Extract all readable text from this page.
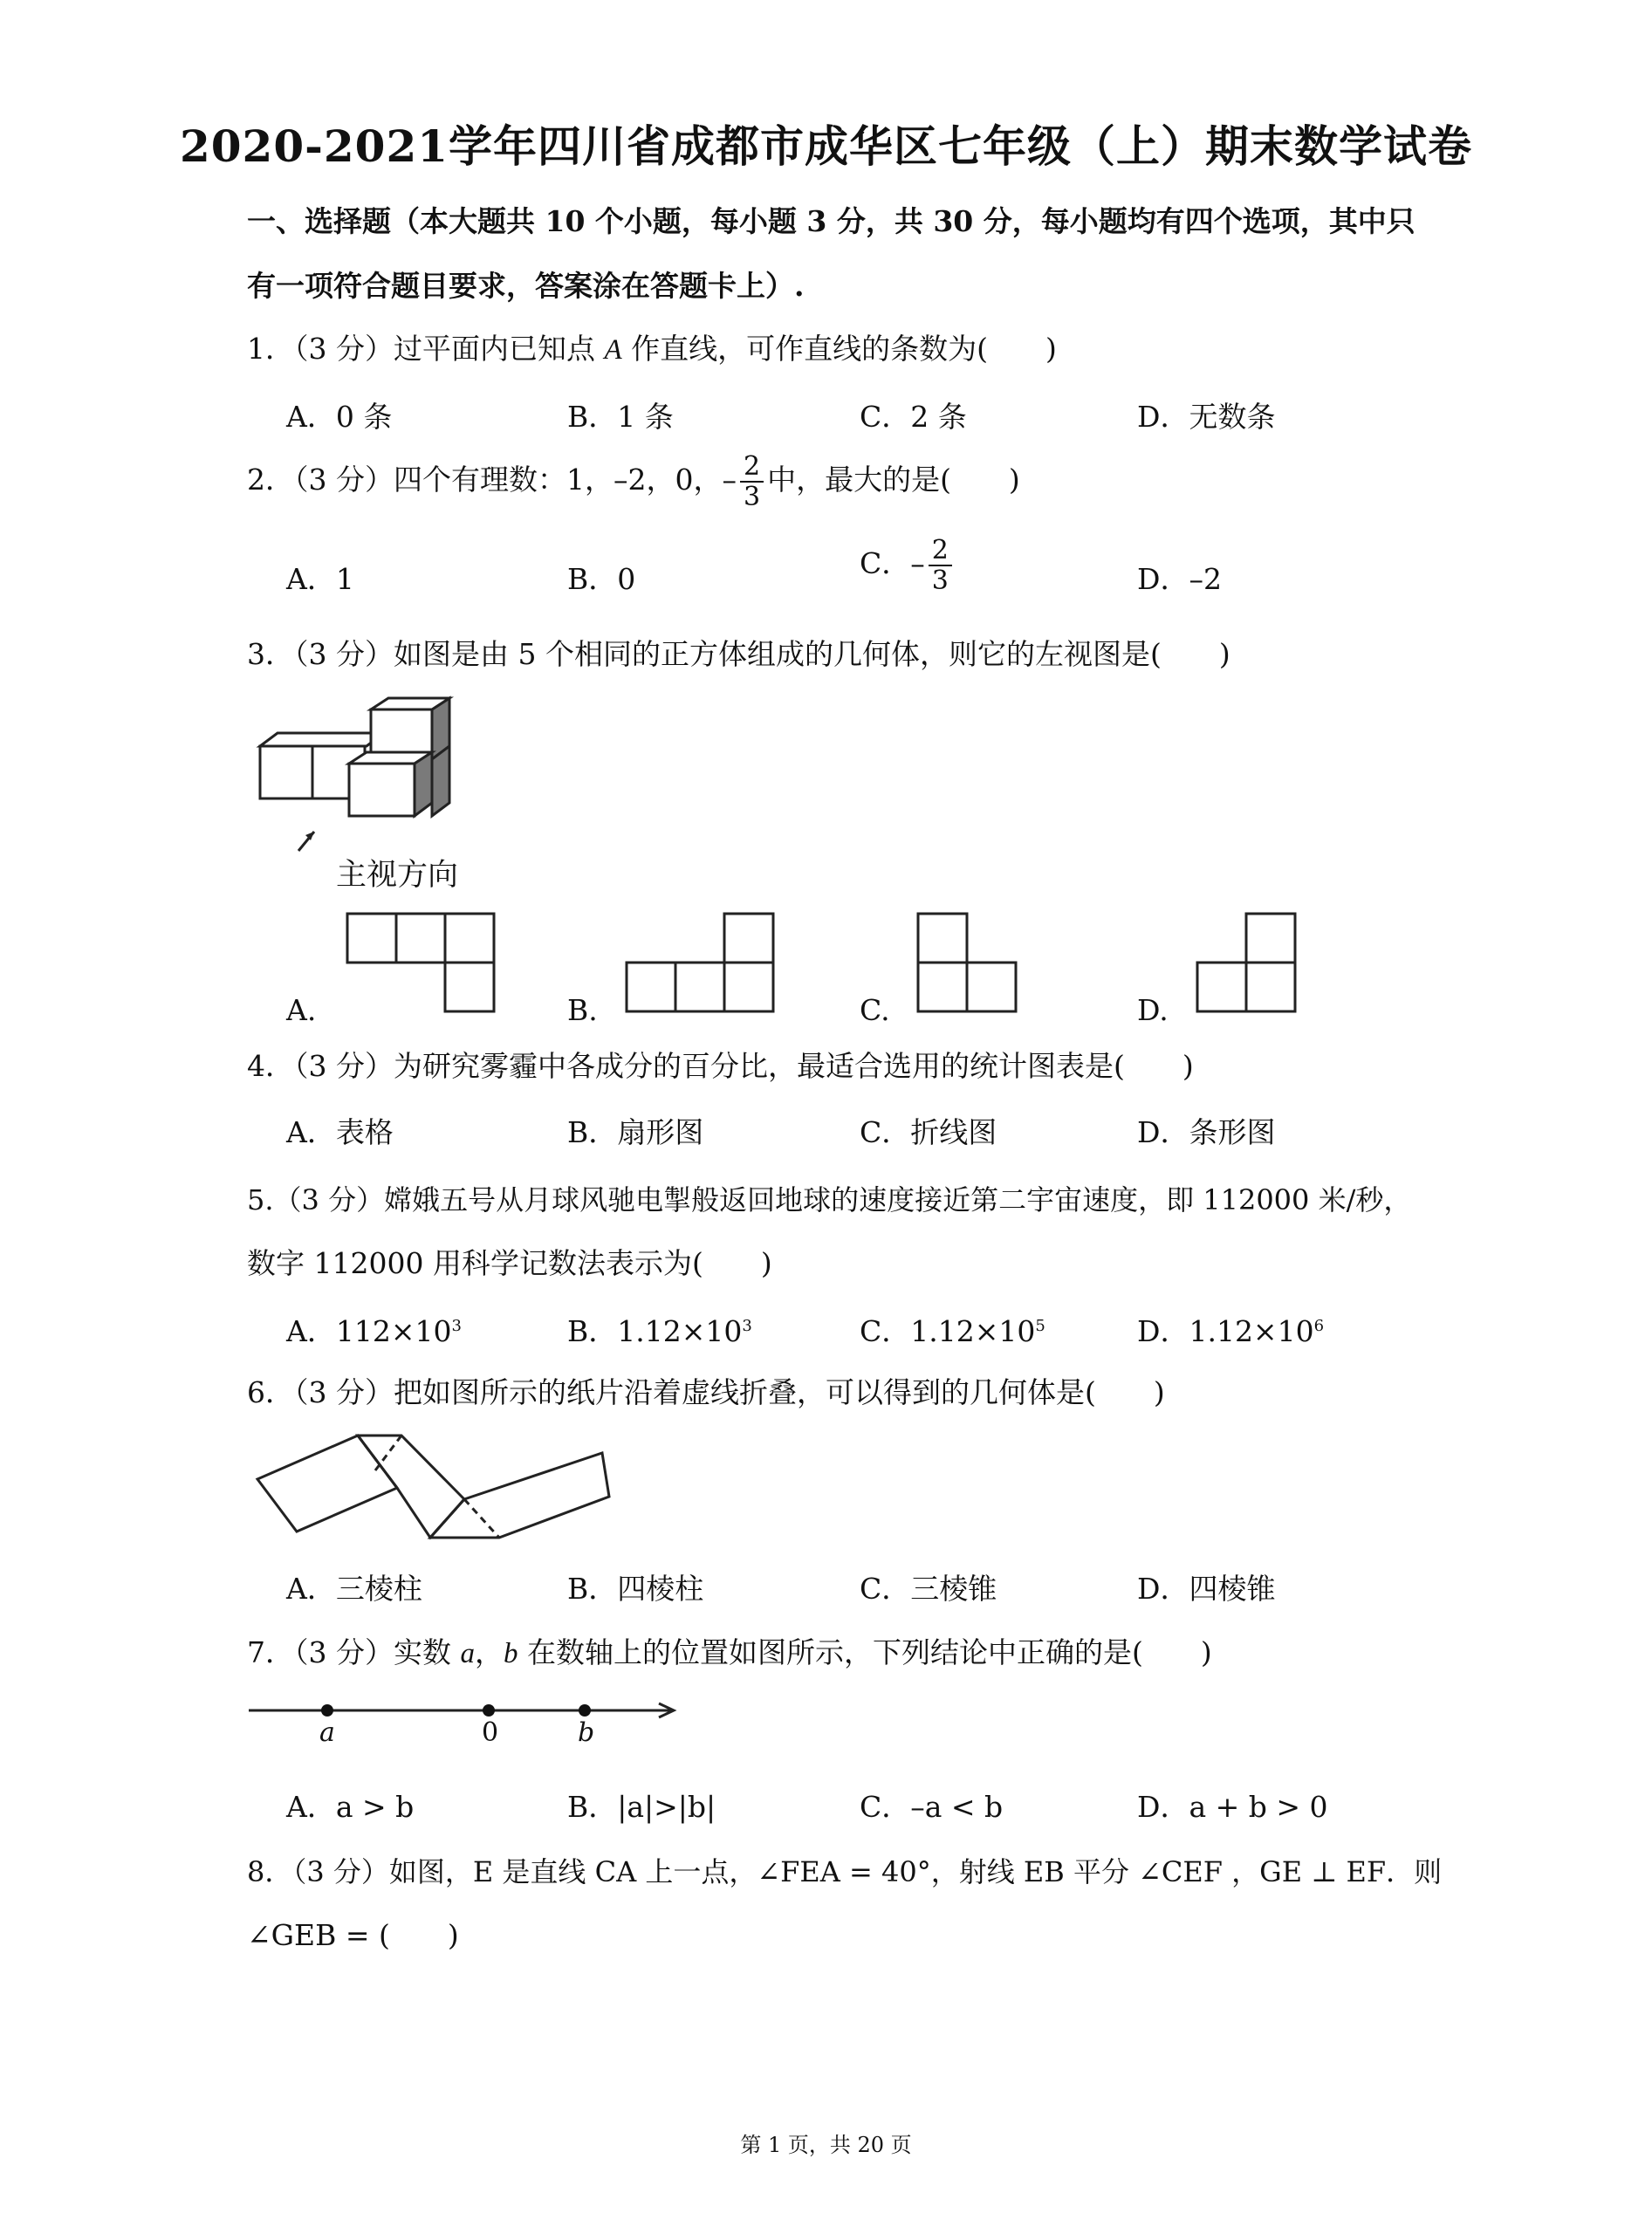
2020-2021学年四川省成都市成华区七年级（上）期末数学试卷
一、选择题（本大题共 10 个小题，每小题 3 分，共 30 分，每小题均有四个选项，其中只
有一项符合题目要求，答案涂在答题卡上）.
1．（3 分）过平面内已知点 A 作直线，可作直线的条数为(　　)
A．0 条	B．1 条	C．2 条	D．无数条
2．（3 分）四个有理数：1，–2，0，– $\frac{2}{3}$ 中，最大的是(　　)
A．1	B．0	C．– $\frac{2}{3}$	D．–2
3．（3 分）如图是由 5 个相同的正方体组成的几何体，则它的左视图是(　　)
主视方向
A.	B.	C.	D.
4．（3 分）为研究雾霾中各成分的百分比，最适合选用的统计图表是(　　)
A．表格	B．扇形图	C．折线图	D．条形图
5.（3 分）嫦娥五号从月球风驰电掣般返回地球的速度接近第二宇宙速度，即 112000 米/秒，
数字 112000 用科学记数法表示为(　　)
A．$112\times 10^3$	B．$1.12\times 10^3$	C．$1.12\times 10^5$	D．$1.12\times 10^6$
6．（3 分）把如图所示的纸片沿着虚线折叠，可以得到的几何体是(　　)
A．三棱柱	B．四棱柱	C．三棱锥	D．四棱锥
7．（3 分）实数 a，b 在数轴上的位置如图所示，下列结论中正确的是(　　)
a	0	b
A．a > b	B．|a|>|b|	C．–a < b	D．a + b > 0
8．（3 分）如图，E 是直线 CA 上一点，∠FEA = 40°，射线 EB 平分 ∠CEF ，GE ⊥ EF．则
∠GEB = (　　)
第 1 页，共 20 页
